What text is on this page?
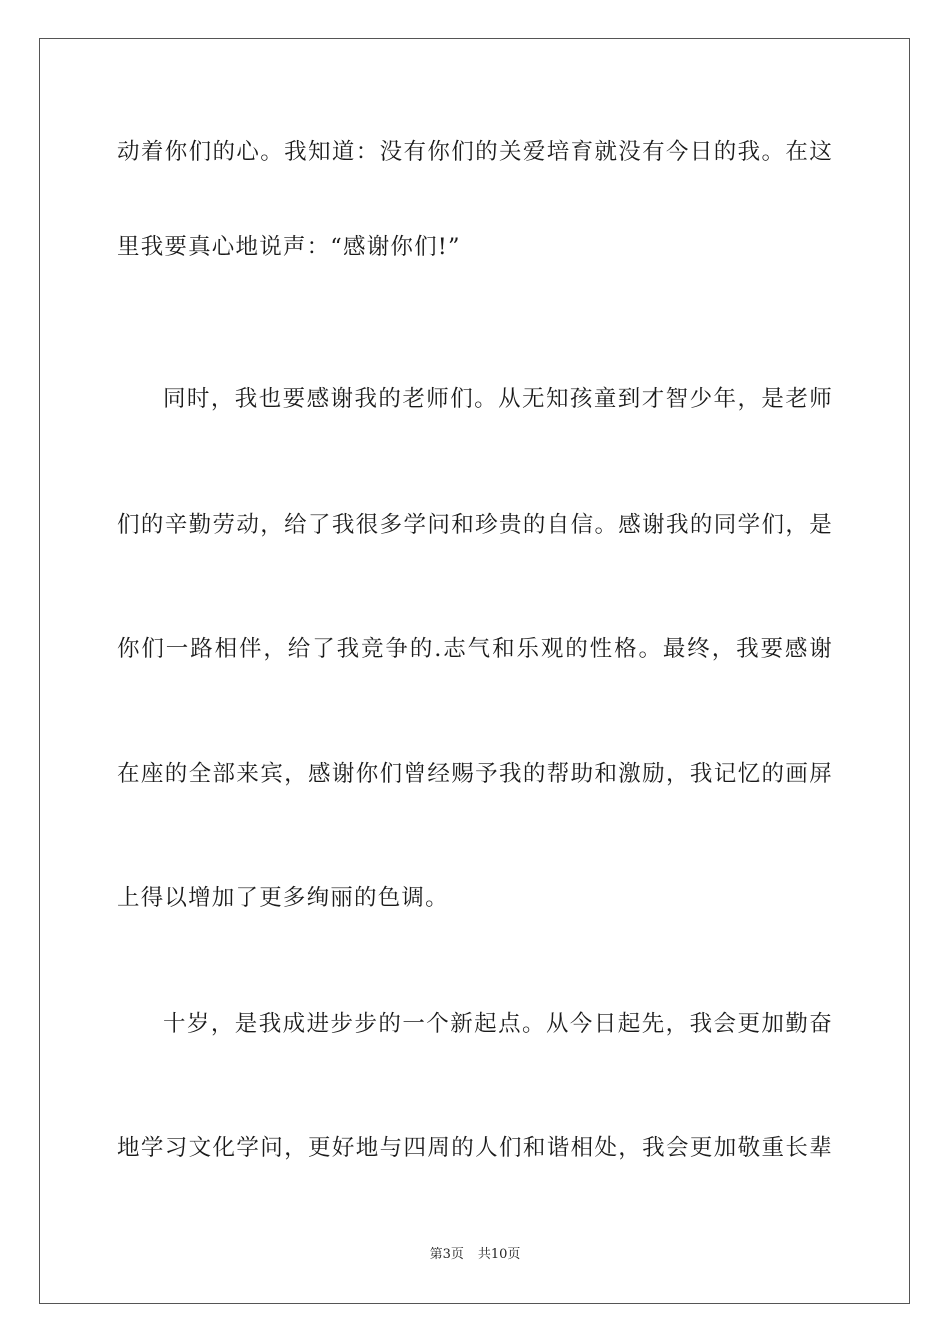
动着你们的心。我知道：没有你们的关爱培育就没有今日的我。在这
里我要真心地说声：“感谢你们!”
同时，我也要感谢我的老师们。从无知孩童到才智少年，是老师
们的辛勤劳动，给了我很多学问和珍贵的自信。感谢我的同学们，是
你们一路相伴，给了我竞争的.志气和乐观的性格。最终，我要感谢
在座的全部来宾，感谢你们曾经赐予我的帮助和激励，我记忆的画屏
上得以增加了更多绚丽的色调。
十岁，是我成进步步的一个新起点。从今日起先，我会更加勤奋
地学习文化学问，更好地与四周的人们和谐相处，我会更加敬重长辈
第3页 共10页
